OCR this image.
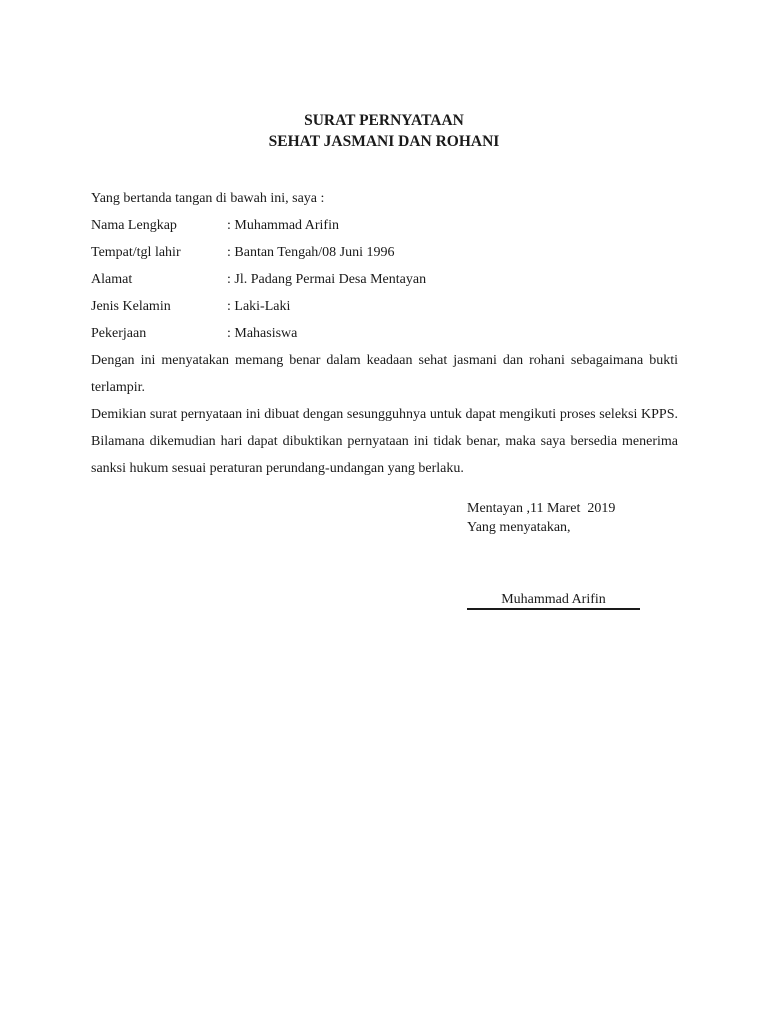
SURAT PERNYATAAN
SEHAT JASMANI DAN ROHANI

Yang bertanda tangan di bawah ini, saya :

Nama Lengkap	: Muhammad Arifin
Tempat/tgl lahir	: Bantan Tengah/08 Juni 1996
Alamat	: Jl. Padang Permai Desa Mentayan
Jenis Kelamin	: Laki-Laki
Pekerjaan	: Mahasiswa

Dengan ini menyatakan memang benar dalam keadaan sehat jasmani dan rohani sebagaimana bukti terlampir.

Demikian surat pernyataan ini dibuat dengan sesungguhnya untuk dapat mengikuti proses seleksi KPPS. Bilamana dikemudian hari dapat dibuktikan pernyataan ini tidak benar, maka saya bersedia menerima sanksi hukum sesuai peraturan perundang-undangan yang berlaku.

Mentayan ,11 Maret  2019
Yang menyatakan,
Muhammad Arifin
